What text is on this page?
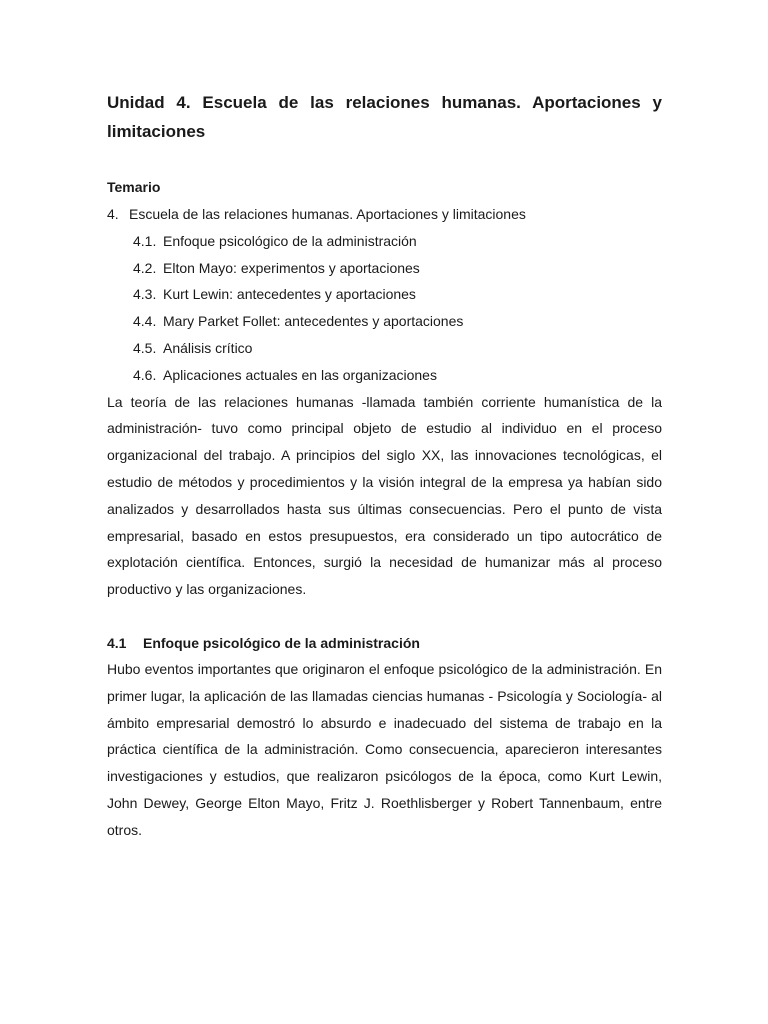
Unidad 4. Escuela de las relaciones humanas. Aportaciones y limitaciones
Temario
4. Escuela de las relaciones humanas. Aportaciones y limitaciones
4.1. Enfoque psicológico de la administración
4.2. Elton Mayo: experimentos y aportaciones
4.3. Kurt Lewin: antecedentes y aportaciones
4.4. Mary Parket Follet: antecedentes y aportaciones
4.5. Análisis crítico
4.6. Aplicaciones actuales en las organizaciones

La teoría de las relaciones humanas -llamada también corriente humanística de la administración- tuvo como principal objeto de estudio al individuo en el proceso organizacional del trabajo. A principios del siglo XX, las innovaciones tecnológicas, el estudio de métodos y procedimientos y la visión integral de la empresa ya habían sido analizados y desarrollados hasta sus últimas consecuencias. Pero el punto de vista empresarial, basado en estos presupuestos, era considerado un tipo autocrático de explotación científica. Entonces, surgió la necesidad de humanizar más al proceso productivo y las organizaciones.

4.1 Enfoque psicológico de la administración

Hubo eventos importantes que originaron el enfoque psicológico de la administración. En primer lugar, la aplicación de las llamadas ciencias humanas - Psicología y Sociología- al ámbito empresarial demostró lo absurdo e inadecuado del sistema de trabajo en la práctica científica de la administración. Como consecuencia, aparecieron interesantes investigaciones y estudios, que realizaron psicólogos de la época, como Kurt Lewin, John Dewey, George Elton Mayo, Fritz J. Roethlisberger y Robert Tannenbaum, entre otros.
